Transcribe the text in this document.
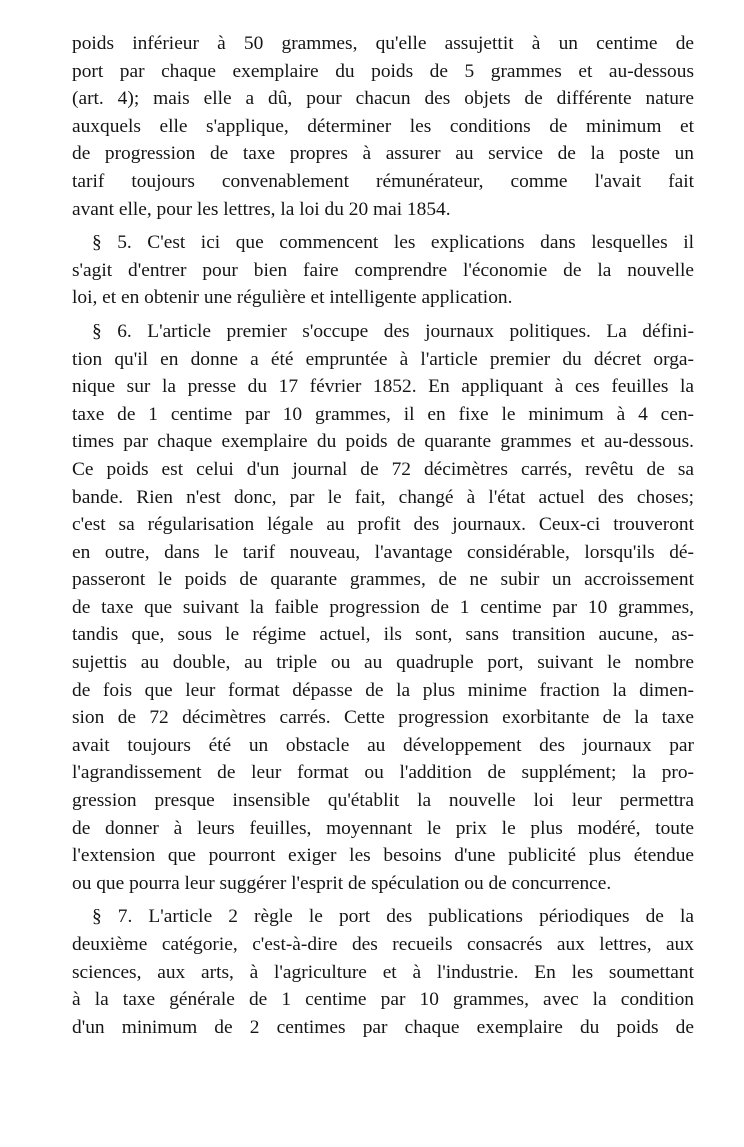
poids inférieur à 50 grammes, qu'elle assujettit à un centime de
port par chaque exemplaire du poids de 5 grammes et au-dessous
(art. 4); mais elle a dû, pour chacun des objets de différente nature
auxquels elle s'applique, déterminer les conditions de minimum et
de progression de taxe propres à assurer au service de la poste un
tarif toujours convenablement rémunérateur, comme l'avait fait
avant elle, pour les lettres, la loi du 20 mai 1854.

§ 5. C'est ici que commencent les explications dans lesquelles il
s'agit d'entrer pour bien faire comprendre l'économie de la nouvelle
loi, et en obtenir une régulière et intelligente application.

§ 6. L'article premier s'occupe des journaux politiques. La défini-
tion qu'il en donne a été empruntée à l'article premier du décret orga-
nique sur la presse du 17 février 1852. En appliquant à ces feuilles la
taxe de 1 centime par 10 grammes, il en fixe le minimum à 4 cen-
times par chaque exemplaire du poids de quarante grammes et au-dessous.
Ce poids est celui d'un journal de 72 décimètres carrés, revêtu de sa
bande. Rien n'est donc, par le fait, changé à l'état actuel des choses;
c'est sa régularisation légale au profit des journaux. Ceux-ci trouveront
en outre, dans le tarif nouveau, l'avantage considérable, lorsqu'ils dé-
passeront le poids de quarante grammes, de ne subir un accroissement
de taxe que suivant la faible progression de 1 centime par 10 grammes,
tandis que, sous le régime actuel, ils sont, sans transition aucune, as-
sujettis au double, au triple ou au quadruple port, suivant le nombre
de fois que leur format dépasse de la plus minime fraction la dimen-
sion de 72 décimètres carrés. Cette progression exorbitante de la taxe
avait toujours été un obstacle au développement des journaux par
l'agrandissement de leur format ou l'addition de supplément; la pro-
gression presque insensible qu'établit la nouvelle loi leur permettra
de donner à leurs feuilles, moyennant le prix le plus modéré, toute
l'extension que pourront exiger les besoins d'une publicité plus étendue
ou que pourra leur suggérer l'esprit de spéculation ou de concurrence.

§ 7. L'article 2 règle le port des publications périodiques de la
deuxième catégorie, c'est-à-dire des recueils consacrés aux lettres, aux
sciences, aux arts, à l'agriculture et à l'industrie. En les soumettant
à la taxe générale de 1 centime par 10 grammes, avec la condition
d'un minimum de 2 centimes par chaque exemplaire du poids de
